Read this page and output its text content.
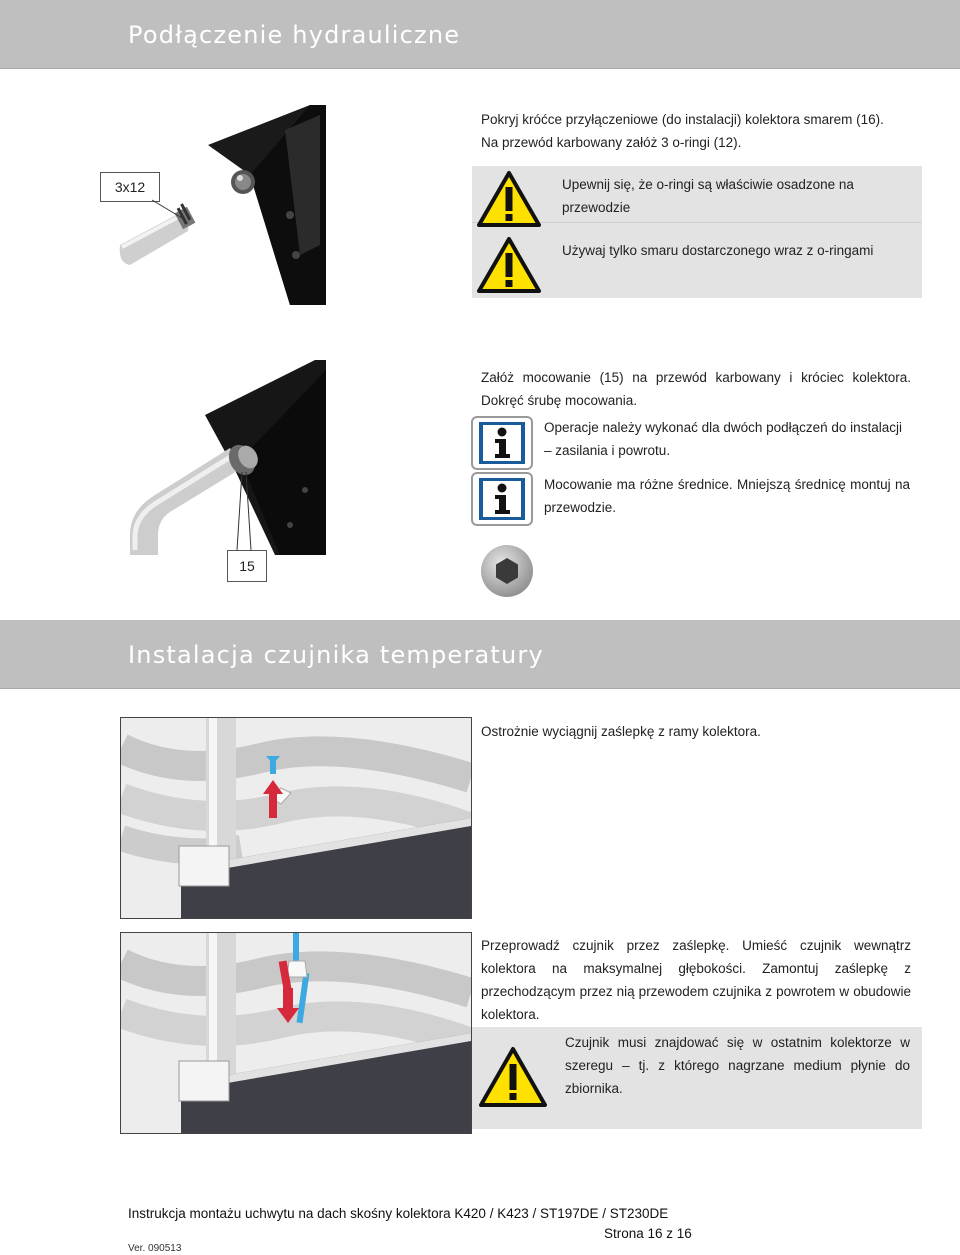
Podłączenie hydrauliczne
3x12
Pokryj króćce przyłączeniowe (do instalacji) kolektora smarem (16).
Na przewód karbowany załóż 3 o-ringi (12).
Upewnij się, że o-ringi są właściwie osadzone na przewodzie
Używaj tylko smaru dostarczonego wraz z o-ringami
15
Załóż mocowanie (15) na przewód karbowany i króciec kolektora. Dokręć śrubę mocowania.
Operacje należy wykonać dla dwóch podłączeń do instalacji – zasilania i powrotu.
Mocowanie ma różne średnice. Mniejszą średnicę montuj na przewodzie.
Instalacja czujnika temperatury
Ostrożnie wyciągnij zaślepkę z ramy kolektora.
Przeprowadź czujnik przez zaślepkę. Umieść czujnik wewnątrz kolektora na maksymalnej głębokości. Zamontuj zaślepkę z przechodzącym przez nią przewodem czujnika z powrotem w obudowie kolektora.
Czujnik musi znajdować się w ostatnim kolektorze w szeregu – tj. z którego nagrzane medium płynie do zbiornika.
Instrukcja montażu uchwytu na dach skośny kolektora K420 / K423 / ST197DE / ST230DE
Strona 16 z 16
Ver. 090513
